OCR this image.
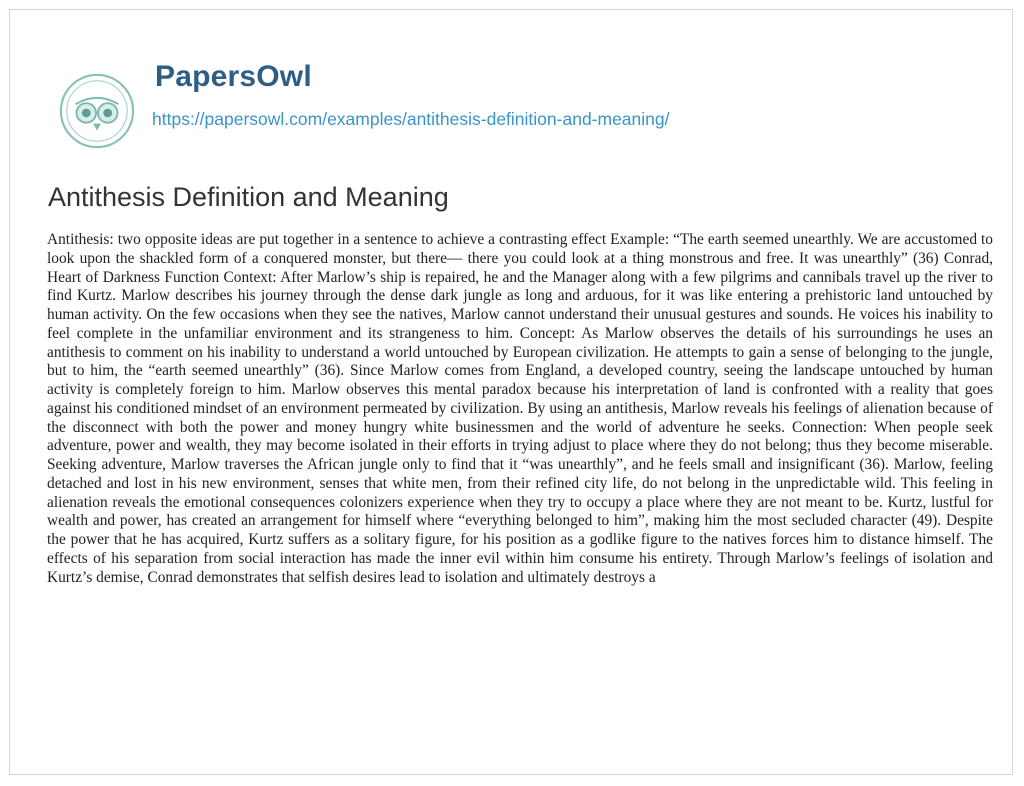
PapersOwl
https://papersowl.com/examples/antithesis-definition-and-meaning/
Antithesis Definition and Meaning

Antithesis: two opposite ideas are put together in a sentence to achieve a contrasting effect Example: “The earth seemed unearthly. We are accustomed to look upon the shackled form of a conquered monster, but there— there you could look at a thing monstrous and free. It was unearthly” (36) Conrad, Heart of Darkness Function Context: After Marlow’s ship is repaired, he and the Manager along with a few pilgrims and cannibals travel up the river to find Kurtz. Marlow describes his journey through the dense dark jungle as long and arduous, for it was like entering a prehistoric land untouched by human activity. On the few occasions when they see the natives, Marlow cannot understand their unusual gestures and sounds. He voices his inability to feel complete in the unfamiliar environment and its strangeness to him. Concept: As Marlow observes the details of his surroundings he uses an antithesis to comment on his inability to understand a world untouched by European civilization. He attempts to gain a sense of belonging to the jungle, but to him, the “earth seemed unearthly” (36). Since Marlow comes from England, a developed country, seeing the landscape untouched by human activity is completely foreign to him. Marlow observes this mental paradox because his interpretation of land is confronted with a reality that goes against his conditioned mindset of an environment permeated by civilization. By using an antithesis, Marlow reveals his feelings of alienation because of the disconnect with both the power and money hungry white businessmen and the world of adventure he seeks. Connection: When people seek adventure, power and wealth, they may become isolated in their efforts in trying adjust to place where they do not belong; thus they become miserable. Seeking adventure, Marlow traverses the African jungle only to find that it “was unearthly”, and he feels small and insignificant (36). Marlow, feeling detached and lost in his new environment, senses that white men, from their refined city life, do not belong in the unpredictable wild. This feeling in alienation reveals the emotional consequences colonizers experience when they try to occupy a place where they are not meant to be. Kurtz, lustful for wealth and power, has created an arrangement for himself where “everything belonged to him”, making him the most secluded character (49). Despite the power that he has acquired, Kurtz suffers as a solitary figure, for his position as a godlike figure to the natives forces him to distance himself. The effects of his separation from social interaction has made the inner evil within him consume his entirety. Through Marlow’s feelings of isolation and Kurtz’s demise, Conrad demonstrates that selfish desires lead to isolation and ultimately destroys a
